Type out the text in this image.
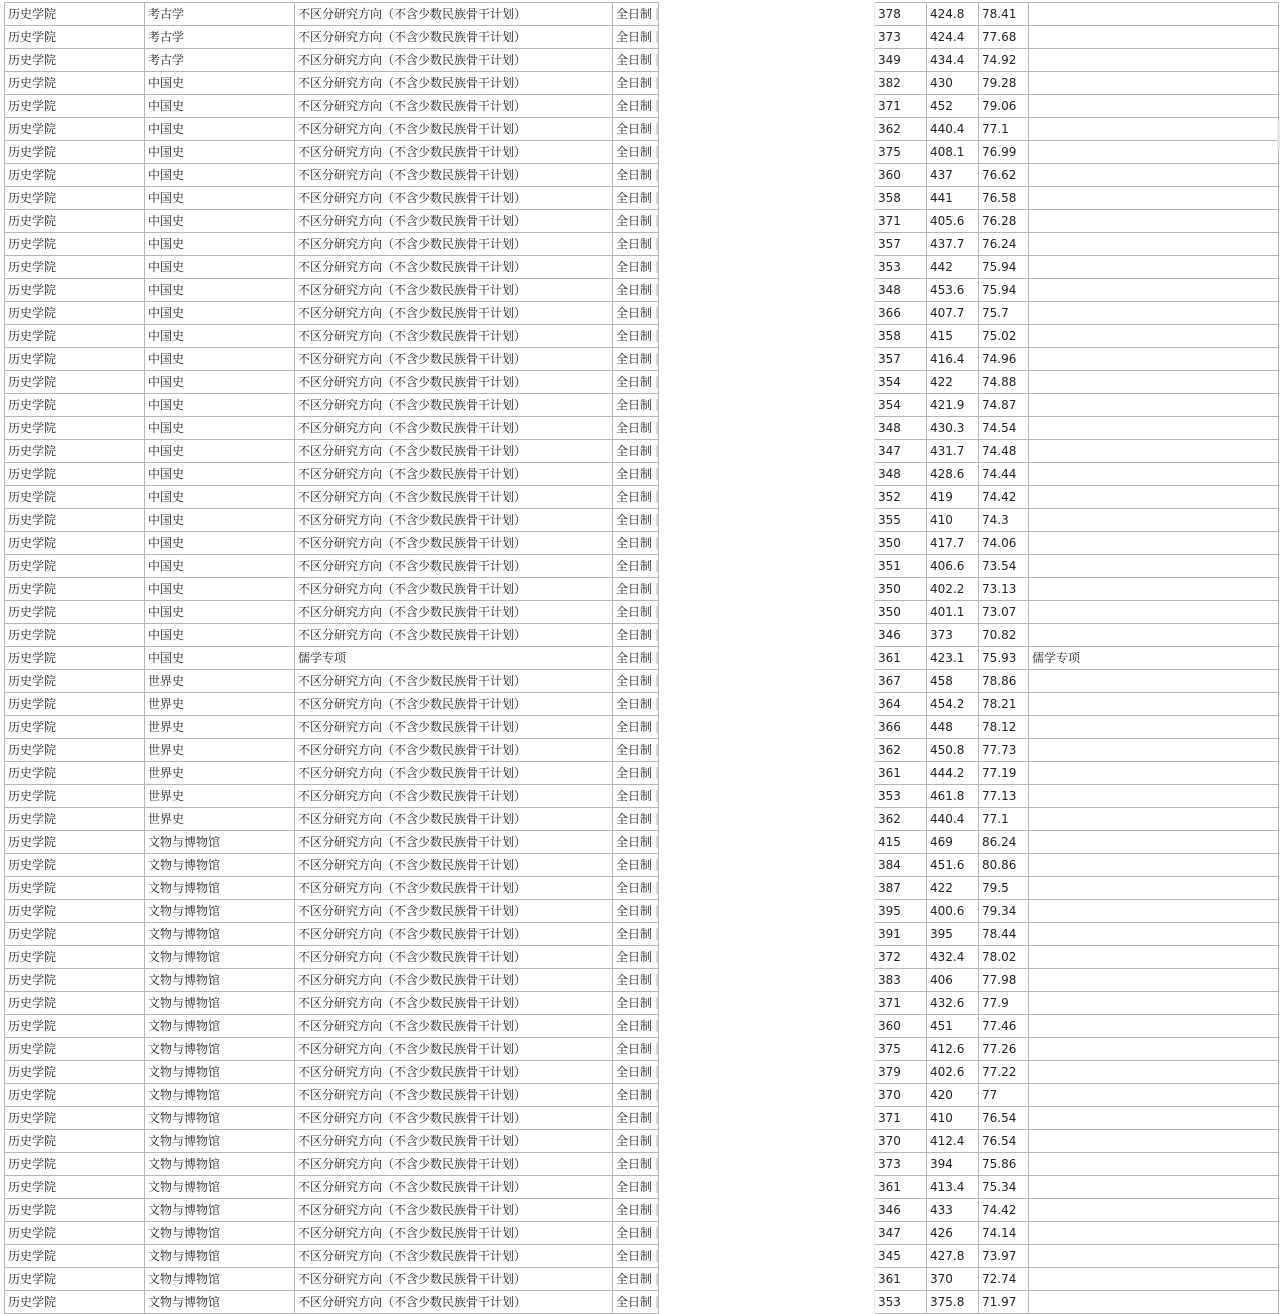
历史学院	考古学	不区分研究方向（不含少数民族骨干计划）	全日制		378	424.8	78.41	
历史学院	考古学	不区分研究方向（不含少数民族骨干计划）	全日制		373	424.4	77.68	
历史学院	考古学	不区分研究方向（不含少数民族骨干计划）	全日制		349	434.4	74.92	
历史学院	中国史	不区分研究方向（不含少数民族骨干计划）	全日制		382	430	79.28	
历史学院	中国史	不区分研究方向（不含少数民族骨干计划）	全日制		371	452	79.06	
历史学院	中国史	不区分研究方向（不含少数民族骨干计划）	全日制		362	440.4	77.1	
历史学院	中国史	不区分研究方向（不含少数民族骨干计划）	全日制		375	408.1	76.99	
历史学院	中国史	不区分研究方向（不含少数民族骨干计划）	全日制		360	437	76.62	
历史学院	中国史	不区分研究方向（不含少数民族骨干计划）	全日制		358	441	76.58	
历史学院	中国史	不区分研究方向（不含少数民族骨干计划）	全日制		371	405.6	76.28	
历史学院	中国史	不区分研究方向（不含少数民族骨干计划）	全日制		357	437.7	76.24	
历史学院	中国史	不区分研究方向（不含少数民族骨干计划）	全日制		353	442	75.94	
历史学院	中国史	不区分研究方向（不含少数民族骨干计划）	全日制		348	453.6	75.94	
历史学院	中国史	不区分研究方向（不含少数民族骨干计划）	全日制		366	407.7	75.7	
历史学院	中国史	不区分研究方向（不含少数民族骨干计划）	全日制		358	415	75.02	
历史学院	中国史	不区分研究方向（不含少数民族骨干计划）	全日制		357	416.4	74.96	
历史学院	中国史	不区分研究方向（不含少数民族骨干计划）	全日制		354	422	74.88	
历史学院	中国史	不区分研究方向（不含少数民族骨干计划）	全日制		354	421.9	74.87	
历史学院	中国史	不区分研究方向（不含少数民族骨干计划）	全日制		348	430.3	74.54	
历史学院	中国史	不区分研究方向（不含少数民族骨干计划）	全日制		347	431.7	74.48	
历史学院	中国史	不区分研究方向（不含少数民族骨干计划）	全日制		348	428.6	74.44	
历史学院	中国史	不区分研究方向（不含少数民族骨干计划）	全日制		352	419	74.42	
历史学院	中国史	不区分研究方向（不含少数民族骨干计划）	全日制		355	410	74.3	
历史学院	中国史	不区分研究方向（不含少数民族骨干计划）	全日制		350	417.7	74.06	
历史学院	中国史	不区分研究方向（不含少数民族骨干计划）	全日制		351	406.6	73.54	
历史学院	中国史	不区分研究方向（不含少数民族骨干计划）	全日制		350	402.2	73.13	
历史学院	中国史	不区分研究方向（不含少数民族骨干计划）	全日制		350	401.1	73.07	
历史学院	中国史	不区分研究方向（不含少数民族骨干计划）	全日制		346	373	70.82	
历史学院	中国史	儒学专项	全日制		361	423.1	75.93	儒学专项
历史学院	世界史	不区分研究方向（不含少数民族骨干计划）	全日制		367	458	78.86	
历史学院	世界史	不区分研究方向（不含少数民族骨干计划）	全日制		364	454.2	78.21	
历史学院	世界史	不区分研究方向（不含少数民族骨干计划）	全日制		366	448	78.12	
历史学院	世界史	不区分研究方向（不含少数民族骨干计划）	全日制		362	450.8	77.73	
历史学院	世界史	不区分研究方向（不含少数民族骨干计划）	全日制		361	444.2	77.19	
历史学院	世界史	不区分研究方向（不含少数民族骨干计划）	全日制		353	461.8	77.13	
历史学院	世界史	不区分研究方向（不含少数民族骨干计划）	全日制		362	440.4	77.1	
历史学院	文物与博物馆	不区分研究方向（不含少数民族骨干计划）	全日制		415	469	86.24	
历史学院	文物与博物馆	不区分研究方向（不含少数民族骨干计划）	全日制		384	451.6	80.86	
历史学院	文物与博物馆	不区分研究方向（不含少数民族骨干计划）	全日制		387	422	79.5	
历史学院	文物与博物馆	不区分研究方向（不含少数民族骨干计划）	全日制		395	400.6	79.34	
历史学院	文物与博物馆	不区分研究方向（不含少数民族骨干计划）	全日制		391	395	78.44	
历史学院	文物与博物馆	不区分研究方向（不含少数民族骨干计划）	全日制		372	432.4	78.02	
历史学院	文物与博物馆	不区分研究方向（不含少数民族骨干计划）	全日制		383	406	77.98	
历史学院	文物与博物馆	不区分研究方向（不含少数民族骨干计划）	全日制		371	432.6	77.9	
历史学院	文物与博物馆	不区分研究方向（不含少数民族骨干计划）	全日制		360	451	77.46	
历史学院	文物与博物馆	不区分研究方向（不含少数民族骨干计划）	全日制		375	412.6	77.26	
历史学院	文物与博物馆	不区分研究方向（不含少数民族骨干计划）	全日制		379	402.6	77.22	
历史学院	文物与博物馆	不区分研究方向（不含少数民族骨干计划）	全日制		370	420	77	
历史学院	文物与博物馆	不区分研究方向（不含少数民族骨干计划）	全日制		371	410	76.54	
历史学院	文物与博物馆	不区分研究方向（不含少数民族骨干计划）	全日制		370	412.4	76.54	
历史学院	文物与博物馆	不区分研究方向（不含少数民族骨干计划）	全日制		373	394	75.86	
历史学院	文物与博物馆	不区分研究方向（不含少数民族骨干计划）	全日制		361	413.4	75.34	
历史学院	文物与博物馆	不区分研究方向（不含少数民族骨干计划）	全日制		346	433	74.42	
历史学院	文物与博物馆	不区分研究方向（不含少数民族骨干计划）	全日制		347	426	74.14	
历史学院	文物与博物馆	不区分研究方向（不含少数民族骨干计划）	全日制		345	427.8	73.97	
历史学院	文物与博物馆	不区分研究方向（不含少数民族骨干计划）	全日制		361	370	72.74	
历史学院	文物与博物馆	不区分研究方向（不含少数民族骨干计划）	全日制		353	375.8	71.97	
